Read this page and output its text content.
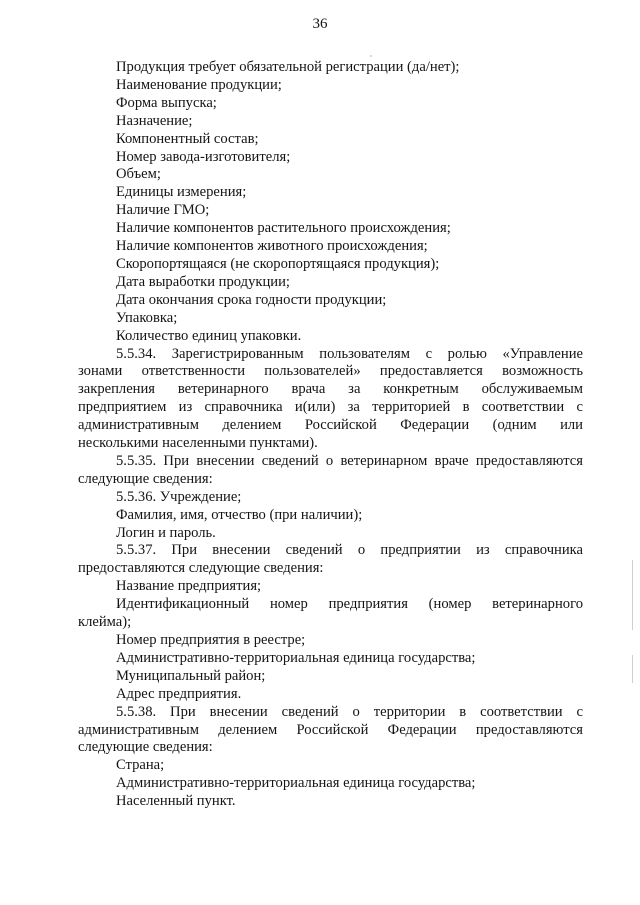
36
Продукция требует обязательной регистрации (да/нет);
Наименование продукции;
Форма выпуска;
Назначение;
Компонентный состав;
Номер завода-изготовителя;
Объем;
Единицы измерения;
Наличие ГМО;
Наличие компонентов растительного происхождения;
Наличие компонентов животного происхождения;
Скоропортящаяся (не скоропортящаяся продукция);
Дата выработки продукции;
Дата окончания срока годности продукции;
Упаковка;
Количество единиц упаковки.
5.5.34. Зарегистрированным пользователям с ролью «Управление
зонами ответственности пользователей» предоставляется возможность
закрепления ветеринарного врача за конкретным обслуживаемым
предприятием из справочника и(или) за территорией в соответствии с
административным делением Российской Федерации (одним или
несколькими населенными пунктами).
5.5.35. При внесении сведений о ветеринарном враче предоставляются
следующие сведения:
5.5.36. Учреждение;
Фамилия, имя, отчество (при наличии);
Логин и пароль.
5.5.37. При внесении сведений о предприятии из справочника
предоставляются следующие сведения:
Название предприятия;
Идентификационный номер предприятия (номер ветеринарного
клейма);
Номер предприятия в реестре;
Административно-территориальная единица государства;
Муниципальный район;
Адрес предприятия.
5.5.38. При внесении сведений о территории в соответствии с
административным делением Российской Федерации предоставляются
следующие сведения:
Страна;
Административно-территориальная единица государства;
Населенный пункт.
